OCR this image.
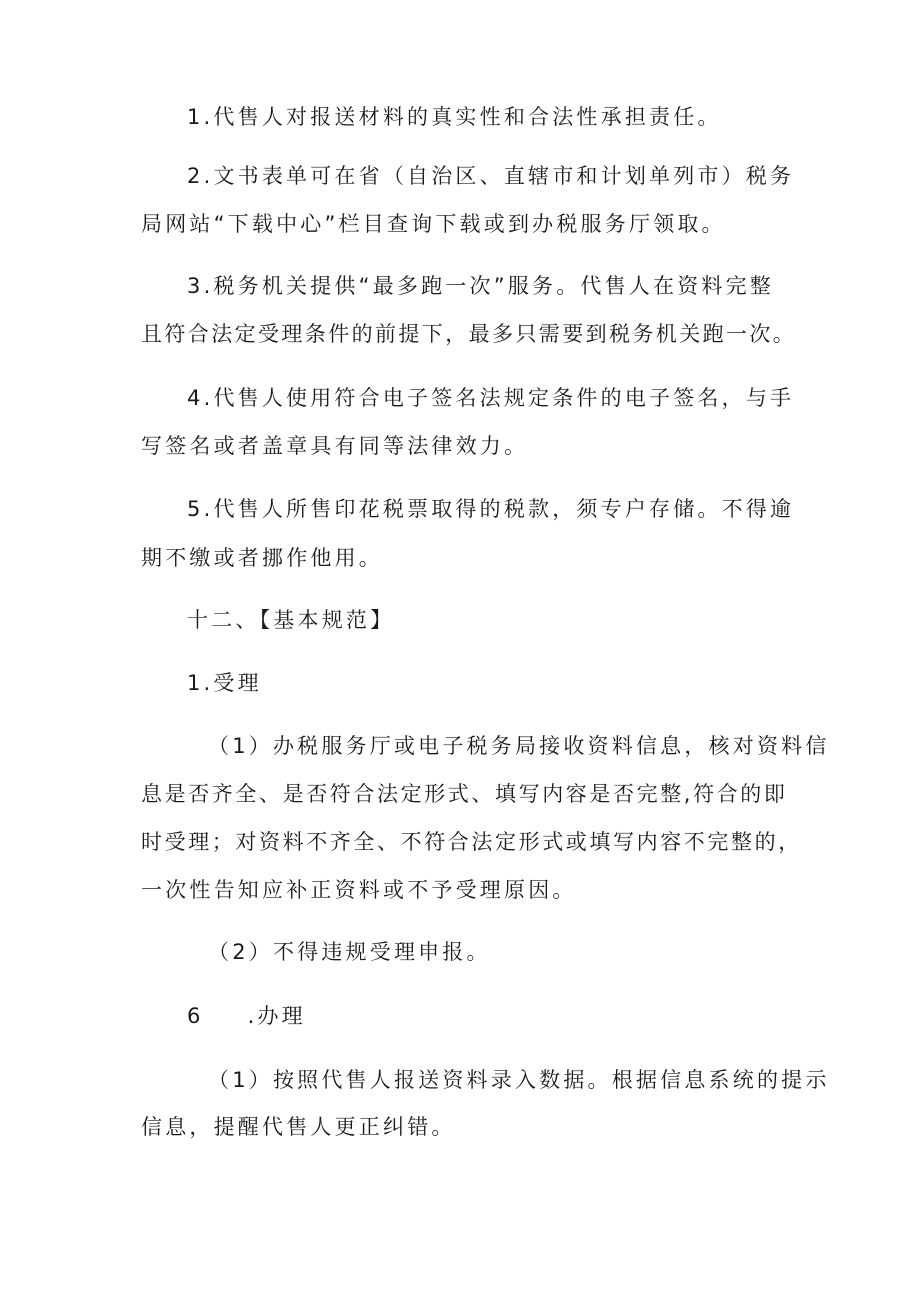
1.代售人对报送材料的真实性和合法性承担责任。
2.文书表单可在省（自治区、直辖市和计划单列市）税务
局网站“下载中心”栏目查询下载或到办税服务厅领取。
3.税务机关提供“最多跑一次”服务。代售人在资料完整
且符合法定受理条件的前提下，最多只需要到税务机关跑一次。
4.代售人使用符合电子签名法规定条件的电子签名，与手
写签名或者盖章具有同等法律效力。
5.代售人所售印花税票取得的税款，须专户存储。不得逾
期不缴或者挪作他用。
十二、【基本规范】
1.受理
（1）办税服务厅或电子税务局接收资料信息，核对资料信
息是否齐全、是否符合法定形式、填写内容是否完整,符合的即
时受理；对资料不齐全、不符合法定形式或填写内容不完整的，
一次性告知应补正资料或不予受理原因。
（2）不得违规受理申报。
6 .办理
（1）按照代售人报送资料录入数据。根据信息系统的提示
信息，提醒代售人更正纠错。
